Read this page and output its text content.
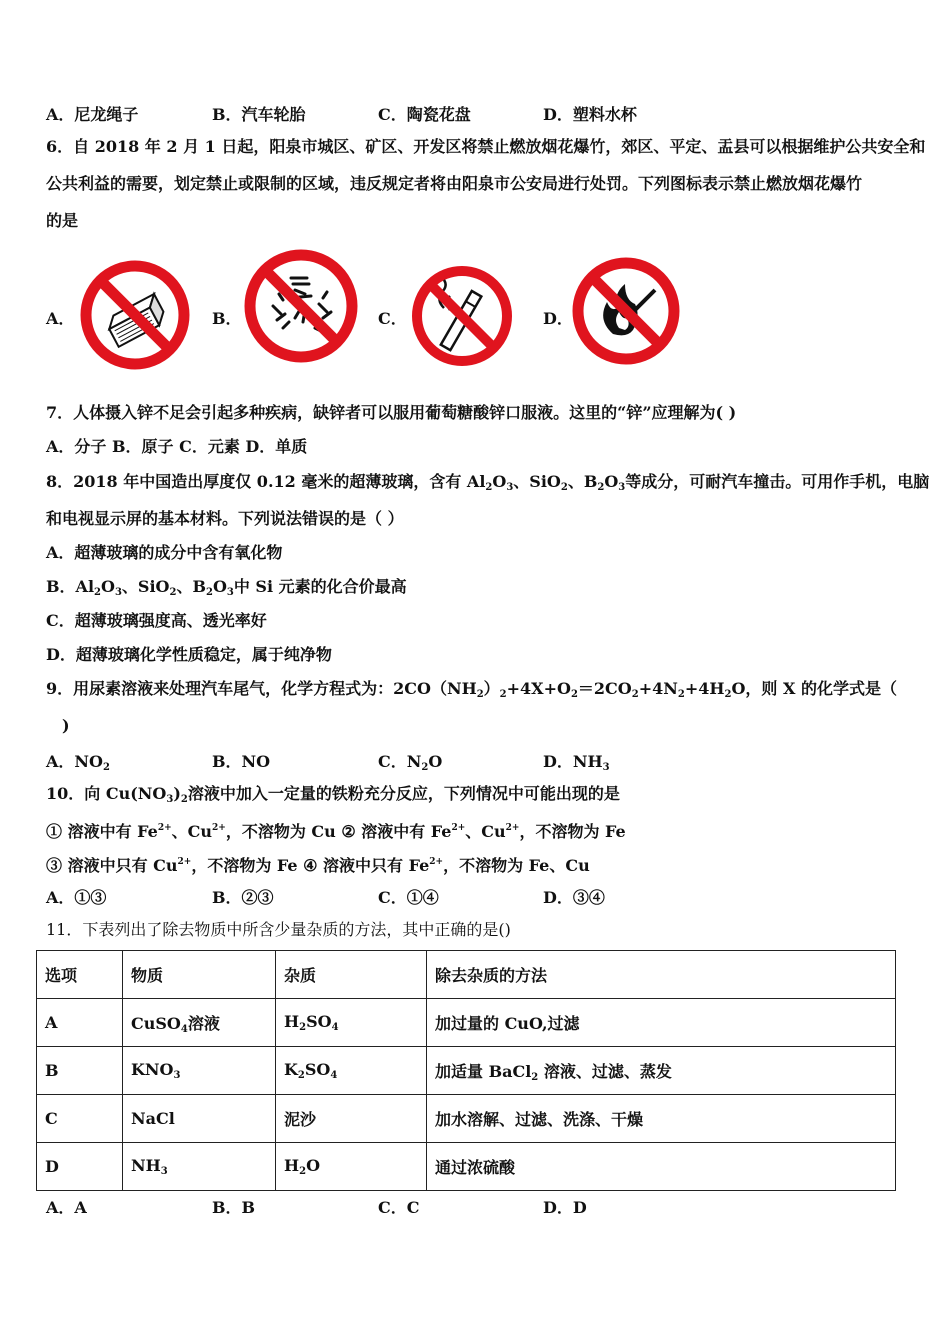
A．尼龙绳子	B．汽车轮胎	C．陶瓷花盘	D．塑料水杯
6．自 2018 年 2 月 1 日起，阳泉市城区、矿区、开发区将禁止燃放烟花爆竹，郊区、平定、盂县可以根据维护公共安全和
公共利益的需要，划定禁止或限制的区域，违反规定者将由阳泉市公安局进行处罚。下列图标表示禁止燃放烟花爆竹
的是
A．	B．	C．	D．
7．人体摄入锌不足会引起多种疾病，缺锌者可以服用葡萄糖酸锌口服液。这里的“锌”应理解为( )
A．分子 B．原子 C．元素 D．单质
8．2018 年中国造出厚度仅 0.12 毫米的超薄玻璃，含有 $Al_2O_3$、SiO$_2$、$B_2O_3$等成分，可耐汽车撞击。可用作手机，电脑
和电视显示屏的基本材料。下列说法错误的是（ ）
A．超薄玻璃的成分中含有氧化物
B．$Al_2O_3$、SiO$_2$、$B_2O_3$中 Si 元素的化合价最高
C．超薄玻璃强度高、透光率好
D．超薄玻璃化学性质稳定，属于纯净物
9．用尿素溶液来处理汽车尾气，化学方程式为：$2CO(NH_2)_2+4X+O_2=2CO_2+4N_2+4H_2O$，则 X 的化学式是（
)
A．$NO_2$	B．NO	C．$N_2O$	D．$NH_3$
10．向 $Cu(NO_3)_2$溶液中加入一定量的铁粉充分反应，下列情况中可能出现的是
① 溶液中有 $Fe^{2+}$、$Cu^{2+}$，不溶物为 Cu ② 溶液中有 $Fe^{2+}$、$Cu^{2+}$，不溶物为 Fe
③ 溶液中只有 $Cu^{2+}$，不溶物为 Fe ④ 溶液中只有 $Fe^{2+}$，不溶物为 Fe、Cu
A．①③	B．②③	C．①④	D．③④
11．下表列出了除去物质中所含少量杂质的方法，其中正确的是()
选项	物质	杂质	除去杂质的方法
A	CuSO$_4$溶液	$H_2SO_4$	加过量的 CuO,过滤
B	$KNO_3$	$K_2SO_4$	加适量 BaCl$_2$ 溶液、过滤、蒸发
C	NaCl	泥沙	加水溶解、过滤、洗涤、干燥
D	$NH_3$	$H_2O$	通过浓硫酸
A．A	B．B	C．C	D．D
